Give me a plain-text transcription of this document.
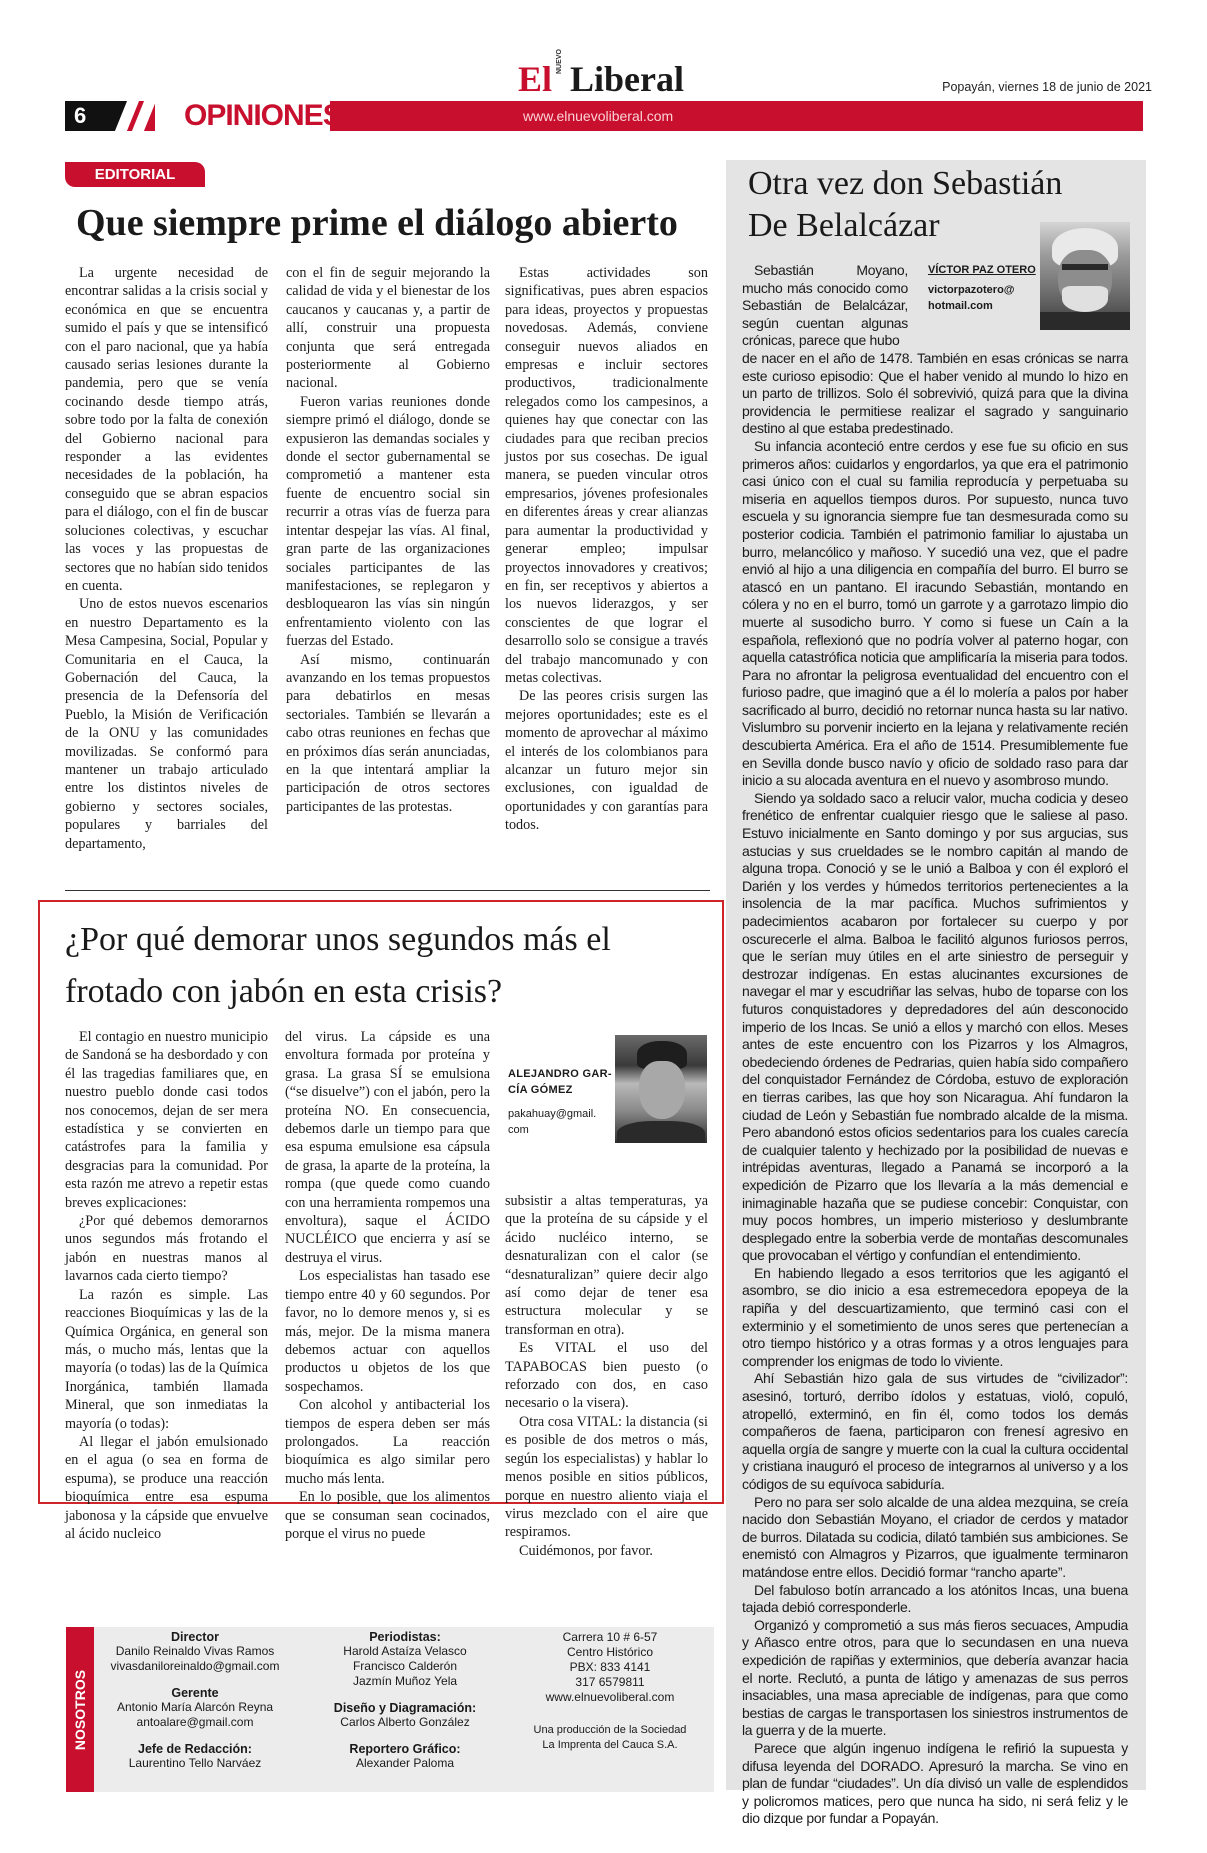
El NUEVO Liberal	Popayán, viernes 18 de junio de 2021
6	OPINIONES	www.elnuevoliberal.com
EDITORIAL
Que siempre prime el diálogo abierto

La urgente necesidad de encontrar salidas a la crisis social y económica en que se encuentra sumido el país y que se intensificó con el paro nacional, que ya había causado serias lesiones durante la pandemia, pero que se venía cocinando desde tiempo atrás, sobre todo por la falta de conexión del Gobierno nacional para responder a las evidentes necesidades de la población, ha conseguido que se abran espacios para el diálogo, con el fin de buscar soluciones colectivas, y escuchar las voces y las propuestas de sectores que no habían sido tenidos en cuenta.

Uno de estos nuevos escenarios en nuestro Departamento es la Mesa Campesina, Social, Popular y Comunitaria en el Cauca, la Gobernación del Cauca, la presencia de la Defensoría del Pueblo, la Misión de Verificación de la ONU y las comunidades movilizadas. Se conformó para mantener un trabajo articulado entre los distintos niveles de gobierno y sectores sociales, populares y barriales del departamento,

con el fin de seguir mejorando la calidad de vida y el bienestar de los caucanos y caucanas y, a partir de allí, construir una propuesta conjunta que será entregada posteriormente al Gobierno nacional.

Fueron varias reuniones donde siempre primó el diálogo, donde se expusieron las demandas sociales y donde el sector gubernamental se comprometió a mantener esta fuente de encuentro social sin recurrir a otras vías de fuerza para intentar despejar las vías. Al final, gran parte de las organizaciones sociales participantes de las manifestaciones, se replegaron y desbloquearon las vías sin ningún enfrentamiento violento con las fuerzas del Estado.

Así mismo, continuarán avanzando en los temas propuestos para debatirlos en mesas sectoriales. También se llevarán a cabo otras reuniones en fechas que en próximos días serán anunciadas, en la que intentará ampliar la participación de otros sectores participantes de las protestas.

Estas actividades son significativas, pues abren espacios para ideas, proyectos y propuestas novedosas. Además, conviene conseguir nuevos aliados en empresas e incluir sectores productivos, tradicionalmente relegados como los campesinos, a quienes hay que conectar con las ciudades para que reciban precios justos por sus cosechas. De igual manera, se pueden vincular otros empresarios, jóvenes profesionales en diferentes áreas y crear alianzas para aumentar la productividad y generar empleo; impulsar proyectos innovadores y creativos; en fin, ser receptivos y abiertos a los nuevos liderazgos, y ser conscientes de que lograr el desarrollo solo se consigue a través del trabajo mancomunado y con metas colectivas.

De las peores crisis surgen las mejores oportunidades; este es el momento de aprovechar al máximo el interés de los colombianos para alcanzar un futuro mejor sin exclusiones, con igualdad de oportunidades y con garantías para todos.

¿Por qué demorar unos segundos más el
frotado con jabón en esta crisis?

El contagio en nuestro municipio de Sandoná se ha desbordado y con él las tragedias familiares que, en nuestro pueblo donde casi todos nos conocemos, dejan de ser mera estadística y se convierten en catástrofes para la familia y desgracias para la comunidad. Por esta razón me atrevo a repetir estas breves explicaciones:

¿Por qué debemos demorarnos unos segundos más frotando el jabón en nuestras manos al lavarnos cada cierto tiempo?

La razón es simple. Las reacciones Bioquímicas y las de la Química Orgánica, en general son más, o mucho más, lentas que la mayoría (o todas) las de la Química Inorgánica, también llamada Mineral, que son inmediatas la mayoría (o todas):

Al llegar el jabón emulsionado en el agua (o sea en forma de espuma), se produce una reacción bioquímica entre esa espuma jabonosa y la cápside que envuelve al ácido nucleico

del virus. La cápside es una envoltura formada por proteína y grasa. La grasa SÍ se emulsiona (“se disuelve”) con el jabón, pero la proteína NO. En consecuencia, debemos darle un tiempo para que esa espuma emulsione esa cápsula de grasa, la aparte de la proteína, la rompa (que quede como cuando con una herramienta rompemos una envoltura), saque el ÁCIDO NUCLÉICO que encierra y así se destruya el virus.

Los especialistas han tasado ese tiempo entre 40 y 60 segundos. Por favor, no lo demore menos y, si es más, mejor. De la misma manera debemos actuar con aquellos productos u objetos de los que sospechamos.

Con alcohol y antibacterial los tiempos de espera deben ser más prolongados. La reacción bioquímica es algo similar pero mucho más lenta.

En lo posible, que los alimentos que se consuman sean cocinados, porque el virus no puede

ALEJANDRO GAR-
CÍA GÓMEZ
pakahuay@gmail.
com

subsistir a altas temperaturas, ya que la proteína de su cápside y el ácido nucléico interno, se desnaturalizan con el calor (se “desnaturalizan” quiere decir algo así como dejar de tener esa estructura molecular y se transforman en otra).

Es VITAL el uso del TAPABOCAS bien puesto (o reforzado con dos, en caso necesario o la visera).

Otra cosa VITAL: la distancia (si es posible de dos metros o más, según los especialistas) y hablar lo menos posible en sitios públicos, porque en nuestro aliento viaja el virus mezclado con el aire que respiramos.

Cuidémonos, por favor.

Otra vez don Sebastián
De Belalcázar
Sebastián Moyano, mucho más conocido como Sebastián de Belalcázar, según cuentan algunas crónicas, parece que hubo
VÍCTOR PAZ OTERO
victorpazotero@
hotmail.com

de nacer en el año de 1478. También en esas crónicas se narra este curioso episodio: Que el haber venido al mundo lo hizo en un parto de trillizos. Solo él sobrevivió, quizá para que la divina providencia le permitiese realizar el sagrado y sanguinario destino al que estaba predestinado.

Su infancia aconteció entre cerdos y ese fue su oficio en sus primeros años: cuidarlos y engordarlos, ya que era el patrimonio casi único con el cual su familia reproducía y perpetuaba su miseria en aquellos tiempos duros. Por supuesto, nunca tuvo escuela y su ignorancia siempre fue tan desmesurada como su posterior codicia. También el patrimonio familiar lo ajustaba un burro, melancólico y mañoso. Y sucedió una vez, que el padre envió al hijo a una diligencia en compañía del burro. El burro se atascó en un pantano. El iracundo Sebastián, montando en cólera y no en el burro, tomó un garrote y a garrotazo limpio dio muerte al susodicho burro. Y como si fuese un Caín a la española, reflexionó que no podría volver al paterno hogar, con aquella catastrófica noticia que amplificaría la miseria para todos. Para no afrontar la peligrosa eventualidad del encuentro con el furioso padre, que imaginó que a él lo molería a palos por haber sacrificado al burro, decidió no retornar nunca hasta su lar nativo. Vislumbro su porvenir incierto en la lejana y relativamente recién descubierta América. Era el año de 1514. Presumiblemente fue en Sevilla donde busco navío y oficio de soldado raso para dar inicio a su alocada aventura en el nuevo y asombroso mundo.

Siendo ya soldado saco a relucir valor, mucha codicia y deseo frenético de enfrentar cualquier riesgo que le saliese al paso. Estuvo inicialmente en Santo domingo y por sus argucias, sus astucias y sus crueldades se le nombro capitán al mando de alguna tropa. Conoció y se le unió a Balboa y con él exploró el Darién y los verdes y húmedos territorios pertenecientes a la insolencia de la mar pacífica. Muchos sufrimientos y padecimientos acabaron por fortalecer su cuerpo y por oscurecerle el alma. Balboa le facilitó algunos furiosos perros, que le serían muy útiles en el arte siniestro de perseguir y destrozar indígenas. En estas alucinantes excursiones de navegar el mar y escudriñar las selvas, hubo de toparse con los futuros conquistadores y depredadores del aún desconocido imperio de los Incas. Se unió a ellos y marchó con ellos. Meses antes de este encuentro con los Pizarros y los Almagros, obedeciendo órdenes de Pedrarias, quien había sido compañero del conquistador Fernández de Córdoba, estuvo de exploración en tierras caribes, las que hoy son Nicaragua. Ahí fundaron la ciudad de León y Sebastián fue nombrado alcalde de la misma. Pero abandonó estos oficios sedentarios para los cuales carecía de cualquier talento y hechizado por la posibilidad de nuevas e intrépidas aventuras, llegado a Panamá se incorporó a la expedición de Pizarro que los llevaría a la más demencial e inimaginable hazaña que se pudiese concebir: Conquistar, con muy pocos hombres, un imperio misterioso y deslumbrante desplegado entre la soberbia verde de montañas descomunales que provocaban el vértigo y confundían el entendimiento.

En habiendo llegado a esos territorios que les agigantó el asombro, se dio inicio a esa estremecedora epopeya de la rapiña y del descuartizamiento, que terminó casi con el exterminio y el sometimiento de unos seres que pertenecían a otro tiempo histórico y a otras formas y a otros lenguajes para comprender los enigmas de todo lo viviente.

Ahí Sebastián hizo gala de sus virtudes de “civilizador”: asesinó, torturó, derribo ídolos y estatuas, violó, copuló, atropelló, exterminó, en fin él, como todos los demás compañeros de faena, participaron con frenesí agresivo en aquella orgía de sangre y muerte con la cual la cultura occidental y cristiana inauguró el proceso de integrarnos al universo y a los códigos de su equívoca sabiduría.

Pero no para ser solo alcalde de una aldea mezquina, se creía nacido don Sebastián Moyano, el criador de cerdos y matador de burros. Dilatada su codicia, dilató también sus ambiciones. Se enemistó con Almagros y Pizarros, que igualmente terminaron matándose entre ellos. Decidió formar “rancho aparte”.

Del fabuloso botín arrancado a los atónitos Incas, una buena tajada debió corresponderle.

Organizó y comprometió a sus más fieros secuaces, Ampudia y Añasco entre otros, para que lo secundasen en una nueva expedición de rapiñas y exterminios, que debería avanzar hacia el norte. Reclutó, a punta de látigo y amenazas de sus perros insaciables, una masa apreciable de indígenas, para que como bestias de cargas le transportasen los siniestros instrumentos de la guerra y de la muerte.

Parece que algún ingenuo indígena le refirió la supuesta y difusa leyenda del DORADO. Apresuró la marcha. Se vino en plan de fundar “ciudades”. Un día divisó un valle de esplendidos y policromos matices, pero que nunca ha sido, ni será feliz y le dio dizque por fundar a Popayán.

NOSOTROS
Director
Danilo Reinaldo Vivas Ramos
vivasdaniloreinaldo@gmail.com
Gerente
Antonio María Alarcón Reyna
antoalare@gmail.com
Jefe de Redacción:
Laurentino Tello Narváez
Periodistas:
Harold Astaíza Velasco
Francisco Calderón
Jazmín Muñoz Yela
Diseño y Diagramación:
Carlos Alberto González
Reportero Gráfico:
Alexander Paloma
Carrera 10 # 6-57
Centro Histórico
PBX: 833 4141
317 6579811
www.elnuevoliberal.com
Una producción de la Sociedad
La Imprenta del Cauca S.A.
